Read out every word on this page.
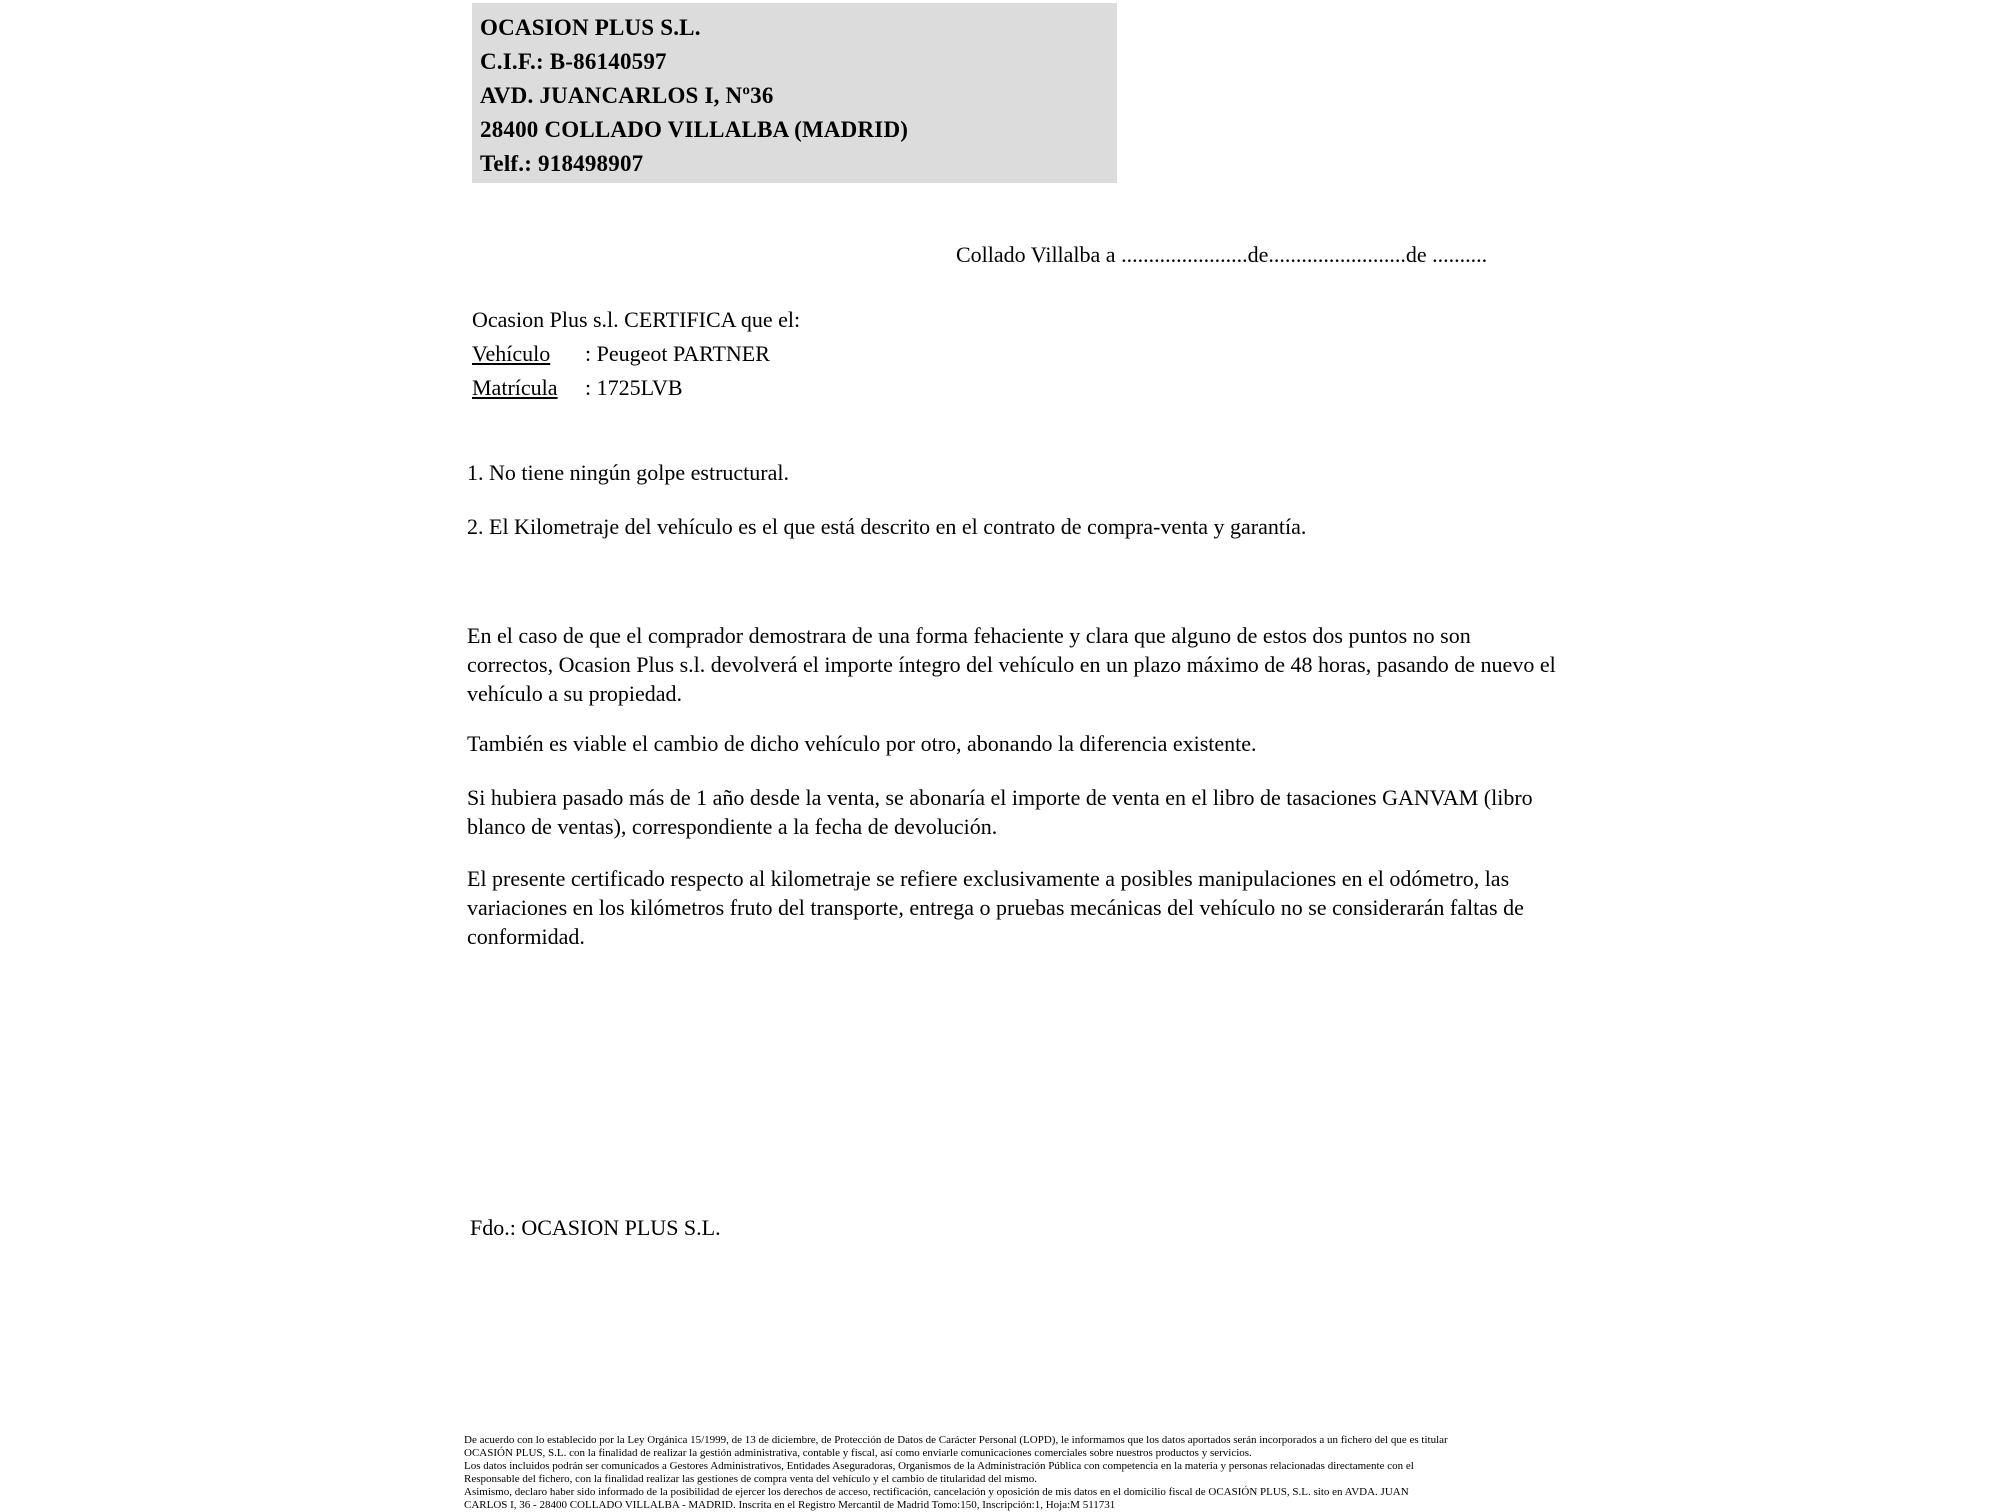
OCASION PLUS S.L.
C.I.F.: B-86140597
AVD. JUANCARLOS I, Nº36
28400 COLLADO VILLALBA (MADRID)
Telf.: 918498907
Collado Villalba a .......................de.........................de ..........
Ocasion Plus s.l. CERTIFICA que el:
Vehículo : Peugeot PARTNER
Matrícula : 1725LVB
1. No tiene ningún golpe estructural.
2. El Kilometraje del vehículo es el que está descrito en el contrato de compra-venta y garantía.
En el caso de que el comprador demostrara de una forma fehaciente y clara que alguno de estos dos puntos no son correctos, Ocasion Plus s.l. devolverá el importe íntegro del vehículo en un plazo máximo de 48 horas, pasando de nuevo el vehículo a su propiedad.
También es viable el cambio de dicho vehículo por otro, abonando la diferencia existente.
Si hubiera pasado más de 1 año desde la venta, se abonaría el importe de venta en el libro de tasaciones GANVAM (libro blanco de ventas), correspondiente a la fecha de devolución.
El presente certificado respecto al kilometraje se refiere exclusivamente a posibles manipulaciones en el odómetro, las variaciones en los kilómetros fruto del transporte, entrega o pruebas mecánicas del vehículo no se considerarán faltas de conformidad.
Fdo.: OCASION PLUS S.L.
De acuerdo con lo establecido por la Ley Orgánica 15/1999, de 13 de diciembre, de Protección de Datos de Carácter Personal (LOPD), le informamos que los datos aportados serán incorporados a un fichero del que es titular
OCASIÓN PLUS, S.L. con la finalidad de realizar la gestión administrativa, contable y fiscal, así como enviarle comunicaciones comerciales sobre nuestros productos y servicios.
Los datos incluidos podrán ser comunicados a Gestores Administrativos, Entidades Aseguradoras, Organismos de la Administración Pública con competencia en la materia y personas relacionadas directamente con el
Responsable del fichero, con la finalidad realizar las gestiones de compra venta del vehículo y el cambio de titularidad del mismo.
Asimismo, declaro haber sido informado de la posibilidad de ejercer los derechos de acceso, rectificación, cancelación y oposición de mis datos en el domicilio fiscal de OCASIÓN PLUS, S.L. sito en AVDA. JUAN
CARLOS I, 36 - 28400 COLLADO VILLALBA - MADRID. Inscrita en el Registro Mercantil de Madrid Tomo:150, Inscripción:1, Hoja:M 511731
